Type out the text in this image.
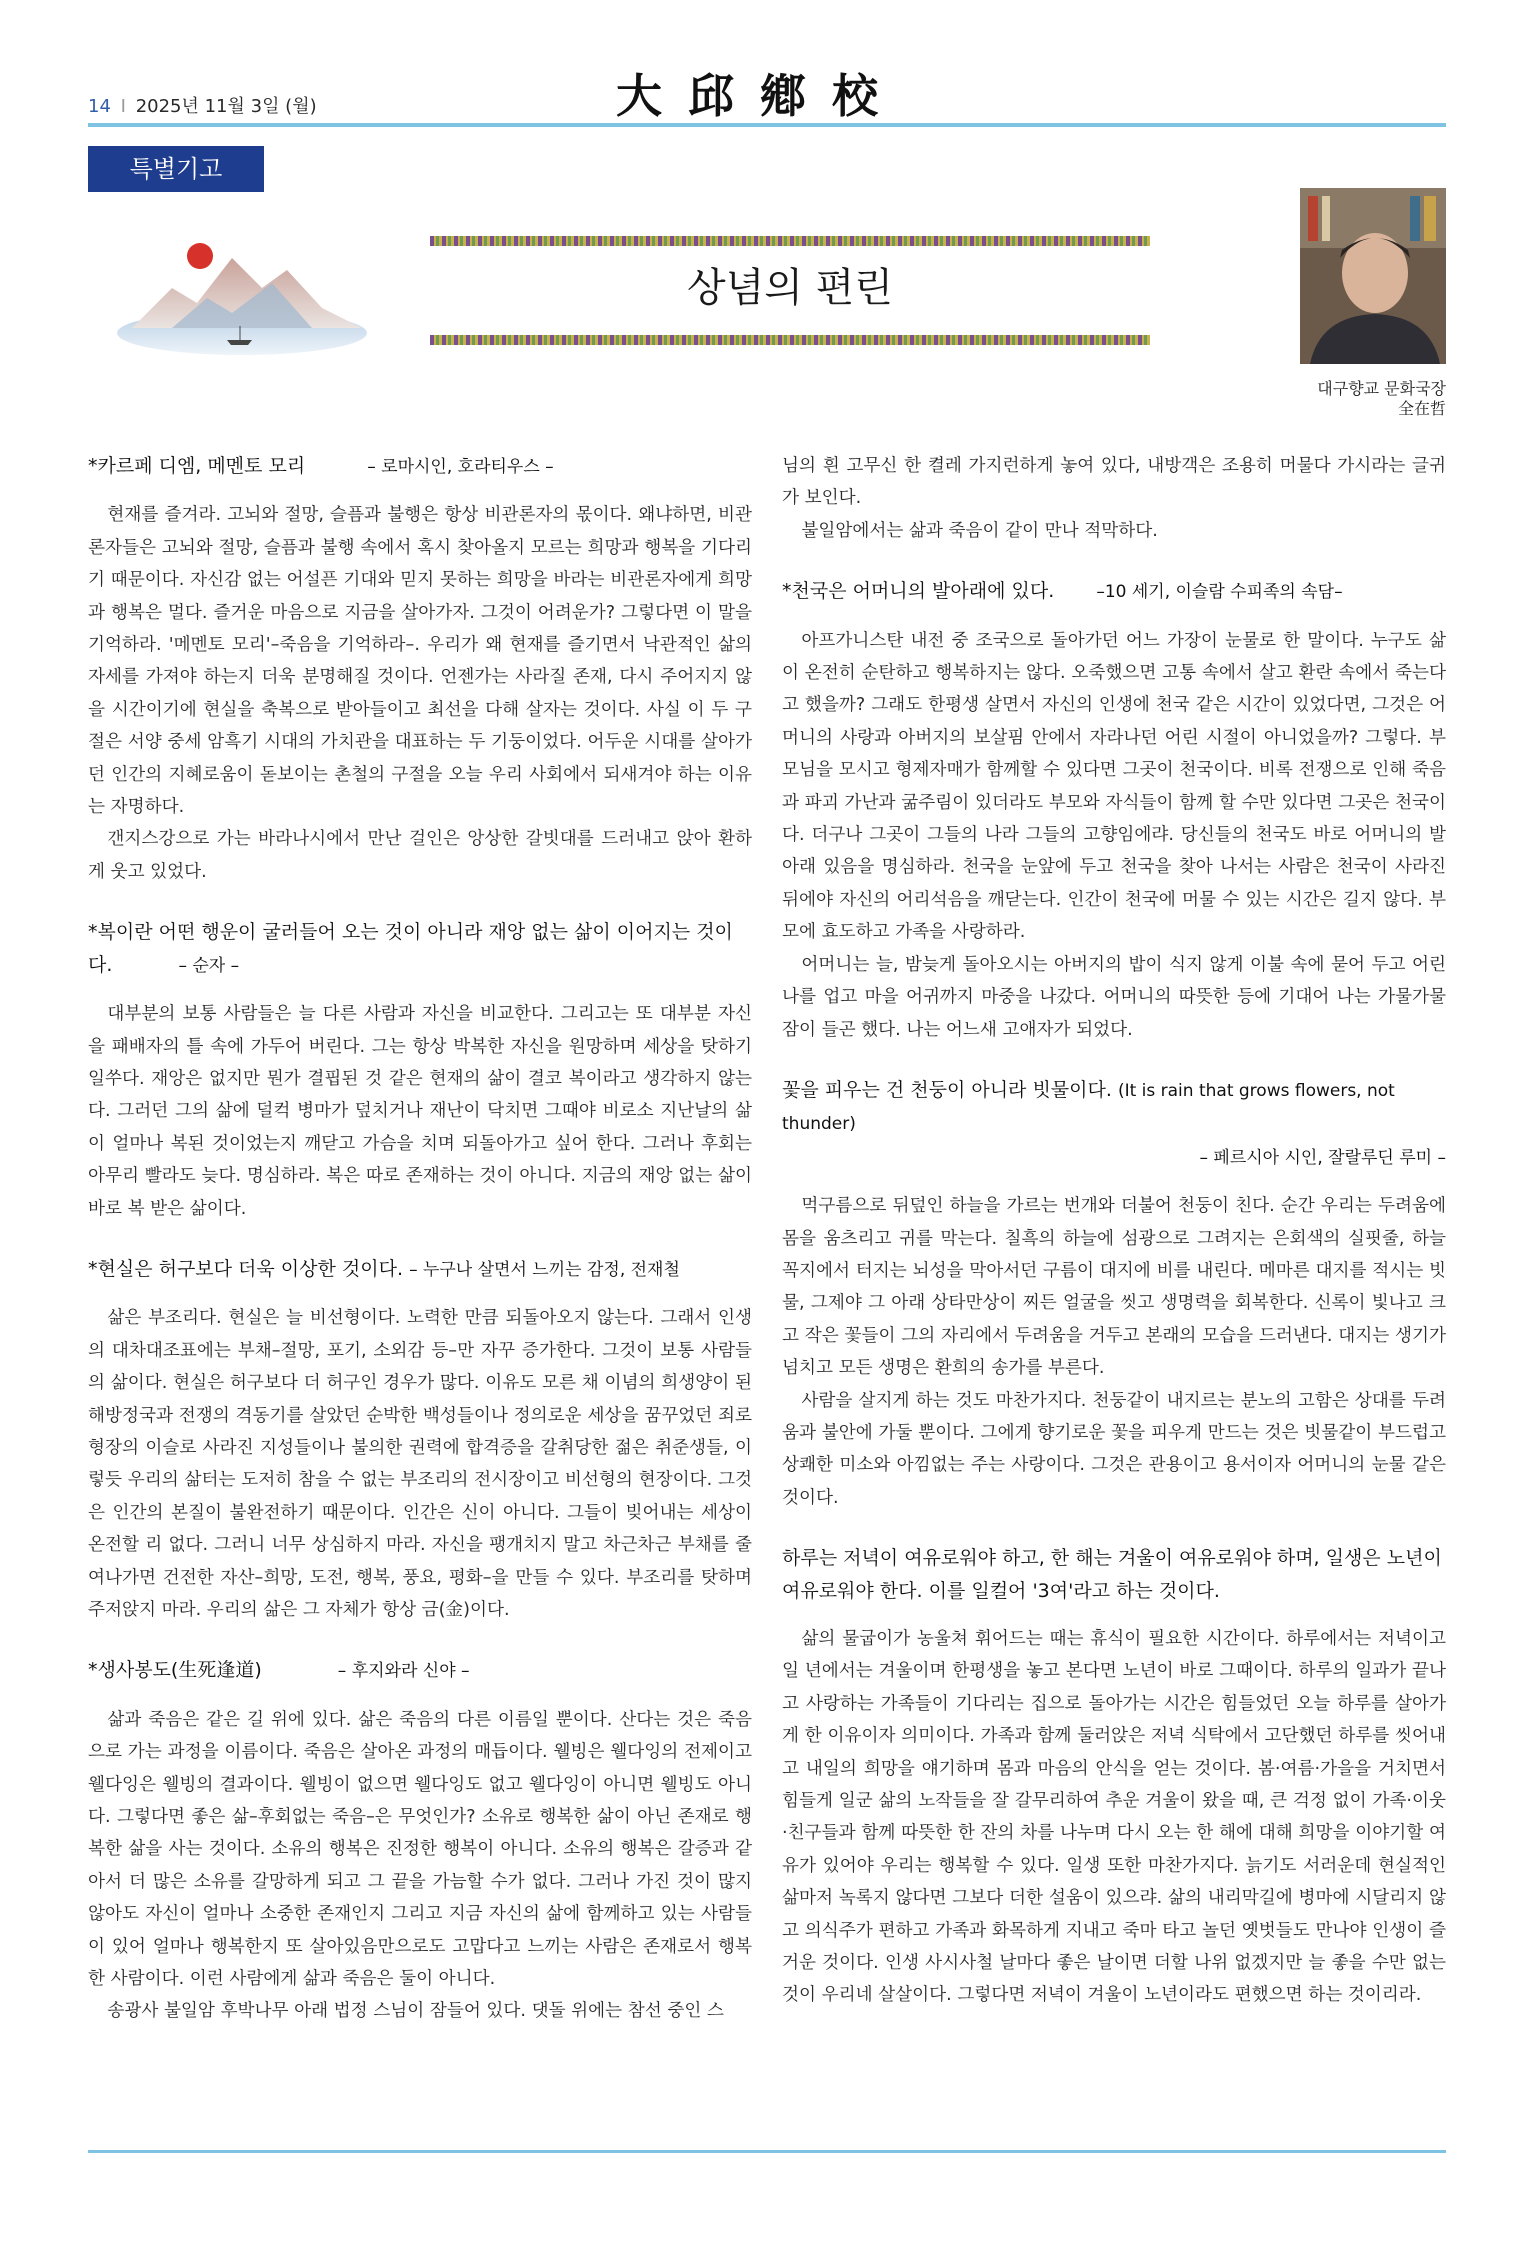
14 I 2025년 11월 3일 (월)	大邱鄕校
특별기고
상념의 편린
대구향교 문화국장
全在哲

*카르페 디엠, 메멘토 모리	– 로마시인, 호라티우스 –

현재를 즐겨라. 고뇌와 절망, 슬픔과 불행은 항상 비관론자의 몫이다. 왜냐하면, 비관론자들은 고뇌와 절망, 슬픔과 불행 속에서 혹시 찾아올지 모르는 희망과 행복을 기다리기 때문이다. 자신감 없는 어설픈 기대와 믿지 못하는 희망을 바라는 비관론자에게 희망과 행복은 멀다. 즐거운 마음으로 지금을 살아가자. 그것이 어려운가? 그렇다면 이 말을 기억하라. '메멘토 모리'–죽음을 기억하라–. 우리가 왜 현재를 즐기면서 낙관적인 삶의 자세를 가져야 하는지 더욱 분명해질 것이다. 언젠가는 사라질 존재, 다시 주어지지 않을 시간이기에 현실을 축복으로 받아들이고 최선을 다해 살자는 것이다. 사실 이 두 구절은 서양 중세 암흑기 시대의 가치관을 대표하는 두 기둥이었다. 어두운 시대를 살아가던 인간의 지혜로움이 돋보이는 촌철의 구절을 오늘 우리 사회에서 되새겨야 하는 이유는 자명하다.

갠지스강으로 가는 바라나시에서 만난 걸인은 앙상한 갈빗대를 드러내고 앉아 환하게 웃고 있었다.

*복이란 어떤 행운이 굴러들어 오는 것이 아니라 재앙 없는 삶이 이어지는 것이다.	– 순자 –

대부분의 보통 사람들은 늘 다른 사람과 자신을 비교한다. 그리고는 또 대부분 자신을 패배자의 틀 속에 가두어 버린다. 그는 항상 박복한 자신을 원망하며 세상을 탓하기 일쑤다. 재앙은 없지만 뭔가 결핍된 것 같은 현재의 삶이 결코 복이라고 생각하지 않는다. 그러던 그의 삶에 덜컥 병마가 덮치거나 재난이 닥치면 그때야 비로소 지난날의 삶이 얼마나 복된 것이었는지 깨닫고 가슴을 치며 되돌아가고 싶어 한다. 그러나 후회는 아무리 빨라도 늦다. 명심하라. 복은 따로 존재하는 것이 아니다. 지금의 재앙 없는 삶이 바로 복 받은 삶이다.

*현실은 허구보다 더욱 이상한 것이다. – 누구나 살면서 느끼는 감정, 전재철

삶은 부조리다. 현실은 늘 비선형이다. 노력한 만큼 되돌아오지 않는다. 그래서 인생의 대차대조표에는 부채–절망, 포기, 소외감 등–만 자꾸 증가한다. 그것이 보통 사람들의 삶이다. 현실은 허구보다 더 허구인 경우가 많다. 이유도 모른 채 이념의 희생양이 된 해방정국과 전쟁의 격동기를 살았던 순박한 백성들이나 정의로운 세상을 꿈꾸었던 죄로 형장의 이슬로 사라진 지성들이나 불의한 권력에 합격증을 갈취당한 젊은 취준생들, 이렇듯 우리의 삶터는 도저히 참을 수 없는 부조리의 전시장이고 비선형의 현장이다. 그것은 인간의 본질이 불완전하기 때문이다. 인간은 신이 아니다. 그들이 빚어내는 세상이 온전할 리 없다. 그러니 너무 상심하지 마라. 자신을 팽개치지 말고 차근차근 부채를 줄여나가면 건전한 자산–희망, 도전, 행복, 풍요, 평화–을 만들 수 있다. 부조리를 탓하며 주저앉지 마라. 우리의 삶은 그 자체가 항상 금(金)이다.

*생사봉도(生死逢道)	– 후지와라 신야 –

삶과 죽음은 같은 길 위에 있다. 삶은 죽음의 다른 이름일 뿐이다. 산다는 것은 죽음으로 가는 과정을 이름이다. 죽음은 살아온 과정의 매듭이다. 웰빙은 웰다잉의 전제이고 웰다잉은 웰빙의 결과이다. 웰빙이 없으면 웰다잉도 없고 웰다잉이 아니면 웰빙도 아니다. 그렇다면 좋은 삶–후회없는 죽음–은 무엇인가? 소유로 행복한 삶이 아닌 존재로 행복한 삶을 사는 것이다. 소유의 행복은 진정한 행복이 아니다. 소유의 행복은 갈증과 같아서 더 많은 소유를 갈망하게 되고 그 끝을 가늠할 수가 없다. 그러나 가진 것이 많지 않아도 자신이 얼마나 소중한 존재인지 그리고 지금 자신의 삶에 함께하고 있는 사람들이 있어 얼마나 행복한지 또 살아있음만으로도 고맙다고 느끼는 사람은 존재로서 행복한 사람이다. 이런 사람에게 삶과 죽음은 둘이 아니다.

송광사 불일암 후박나무 아래 법정 스님이 잠들어 있다. 댓돌 위에는 참선 중인 스

님의 흰 고무신 한 켤레 가지런하게 놓여 있다, 내방객은 조용히 머물다 가시라는 글귀가 보인다.

불일암에서는 삶과 죽음이 같이 만나 적막하다.

*천국은 어머니의 발아래에 있다. –10 세기, 이슬람 수피족의 속담–

아프가니스탄 내전 중 조국으로 돌아가던 어느 가장이 눈물로 한 말이다. 누구도 삶이 온전히 순탄하고 행복하지는 않다. 오죽했으면 고통 속에서 살고 환란 속에서 죽는다고 했을까? 그래도 한평생 살면서 자신의 인생에 천국 같은 시간이 있었다면, 그것은 어머니의 사랑과 아버지의 보살핌 안에서 자라나던 어린 시절이 아니었을까? 그렇다. 부모님을 모시고 형제자매가 함께할 수 있다면 그곳이 천국이다. 비록 전쟁으로 인해 죽음과 파괴 가난과 굶주림이 있더라도 부모와 자식들이 함께 할 수만 있다면 그곳은 천국이다. 더구나 그곳이 그들의 나라 그들의 고향임에랴. 당신들의 천국도 바로 어머니의 발아래 있음을 명심하라. 천국을 눈앞에 두고 천국을 찾아 나서는 사람은 천국이 사라진 뒤에야 자신의 어리석음을 깨닫는다. 인간이 천국에 머물 수 있는 시간은 길지 않다. 부모에 효도하고 가족을 사랑하라.

어머니는 늘, 밤늦게 돌아오시는 아버지의 밥이 식지 않게 이불 속에 묻어 두고 어린 나를 업고 마을 어귀까지 마중을 나갔다. 어머니의 따뜻한 등에 기대어 나는 가물가물 잠이 들곤 했다. 나는 어느새 고애자가 되었다.

꽃을 피우는 건 천둥이 아니라 빗물이다. (It is rain that grows flowers, not thunder)

– 페르시아 시인, 잘랄루딘 루미 –

먹구름으로 뒤덮인 하늘을 가르는 번개와 더불어 천둥이 친다. 순간 우리는 두려움에 몸을 움츠리고 귀를 막는다. 칠흑의 하늘에 섬광으로 그려지는 은회색의 실핏줄, 하늘 꼭지에서 터지는 뇌성을 막아서던 구름이 대지에 비를 내린다. 메마른 대지를 적시는 빗물, 그제야 그 아래 상타만상이 찌든 얼굴을 씻고 생명력을 회복한다. 신록이 빛나고 크고 작은 꽃들이 그의 자리에서 두려움을 거두고 본래의 모습을 드러낸다. 대지는 생기가 넘치고 모든 생명은 환희의 송가를 부른다.

사람을 살지게 하는 것도 마찬가지다. 천둥같이 내지르는 분노의 고함은 상대를 두려움과 불안에 가둘 뿐이다. 그에게 향기로운 꽃을 피우게 만드는 것은 빗물같이 부드럽고 상쾌한 미소와 아낌없는 주는 사랑이다. 그것은 관용이고 용서이자 어머니의 눈물 같은 것이다.

하루는 저녁이 여유로워야 하고, 한 해는 겨울이 여유로워야 하며, 일생은 노년이 여유로워야 한다. 이를 일컬어 '3여'라고 하는 것이다.

삶의 물굽이가 농울쳐 휘어드는 때는 휴식이 필요한 시간이다. 하루에서는 저녁이고 일 년에서는 겨울이며 한평생을 놓고 본다면 노년이 바로 그때이다. 하루의 일과가 끝나고 사랑하는 가족들이 기다리는 집으로 돌아가는 시간은 힘들었던 오늘 하루를 살아가게 한 이유이자 의미이다. 가족과 함께 둘러앉은 저녁 식탁에서 고단했던 하루를 씻어내고 내일의 희망을 얘기하며 몸과 마음의 안식을 얻는 것이다. 봄·여름·가을을 거치면서 힘들게 일군 삶의 노작들을 잘 갈무리하여 추운 겨울이 왔을 때, 큰 걱정 없이 가족·이웃·친구들과 함께 따뜻한 한 잔의 차를 나누며 다시 오는 한 해에 대해 희망을 이야기할 여유가 있어야 우리는 행복할 수 있다. 일생 또한 마찬가지다. 늙기도 서러운데 현실적인 삶마저 녹록지 않다면 그보다 더한 설움이 있으랴. 삶의 내리막길에 병마에 시달리지 않고 의식주가 편하고 가족과 화목하게 지내고 죽마 타고 놀던 옛벗들도 만나야 인생이 즐거운 것이다. 인생 사시사철 날마다 좋은 날이면 더할 나위 없겠지만 늘 좋을 수만 없는 것이 우리네 살살이다. 그렇다면 저녁이 겨울이 노년이라도 편했으면 하는 것이리라.
